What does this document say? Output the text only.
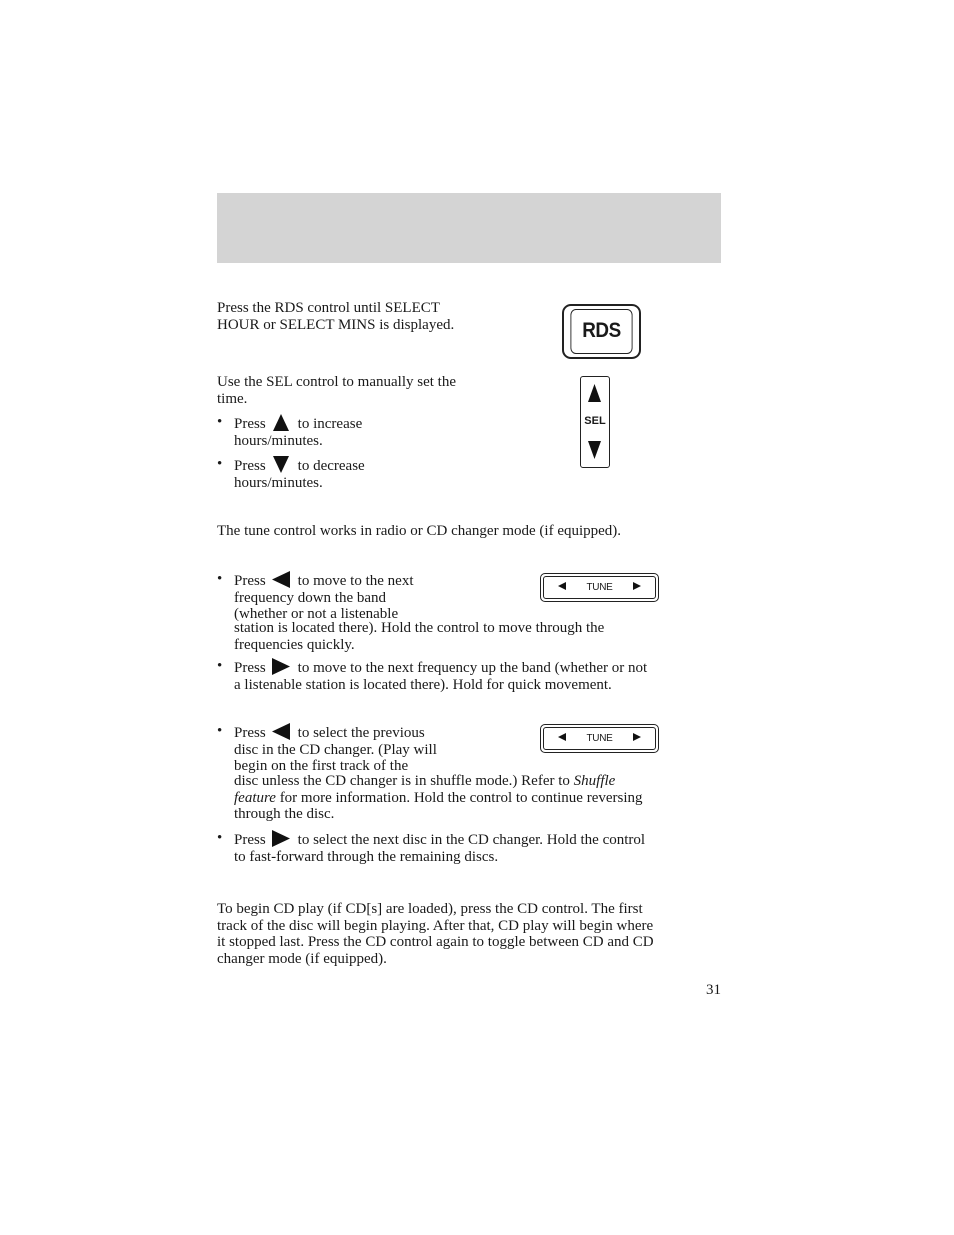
Press the RDS control until SELECT HOUR or SELECT MINS is displayed.	RDS

Use the SEL control to manually set the time.

• Press to increase hours/minutes.
• Press to decrease hours/minutes.
SEL

The tune control works in radio or CD changer mode (if equipped).

TUNE
• Press to move to the next
frequency down the band
(whether or not a listenable

station is located there). Hold the control to move through the
frequencies quickly.

• Press to move to the next frequency up the band (whether or not
a listenable station is located there). Hold for quick movement.
TUNE
• Press to select the previous
disc in the CD changer. (Play will
begin on the first track of the

disc unless the CD changer is in shuffle mode.) Refer to Shuffle
feature for more information. Hold the control to continue reversing
through the disc.

• Press to select the next disc in the CD changer. Hold the control
to fast-forward through the remaining discs.

To begin CD play (if CD[s] are loaded), press the CD control. The first
track of the disc will begin playing. After that, CD play will begin where
it stopped last. Press the CD control again to toggle between CD and CD
changer mode (if equipped).

31
